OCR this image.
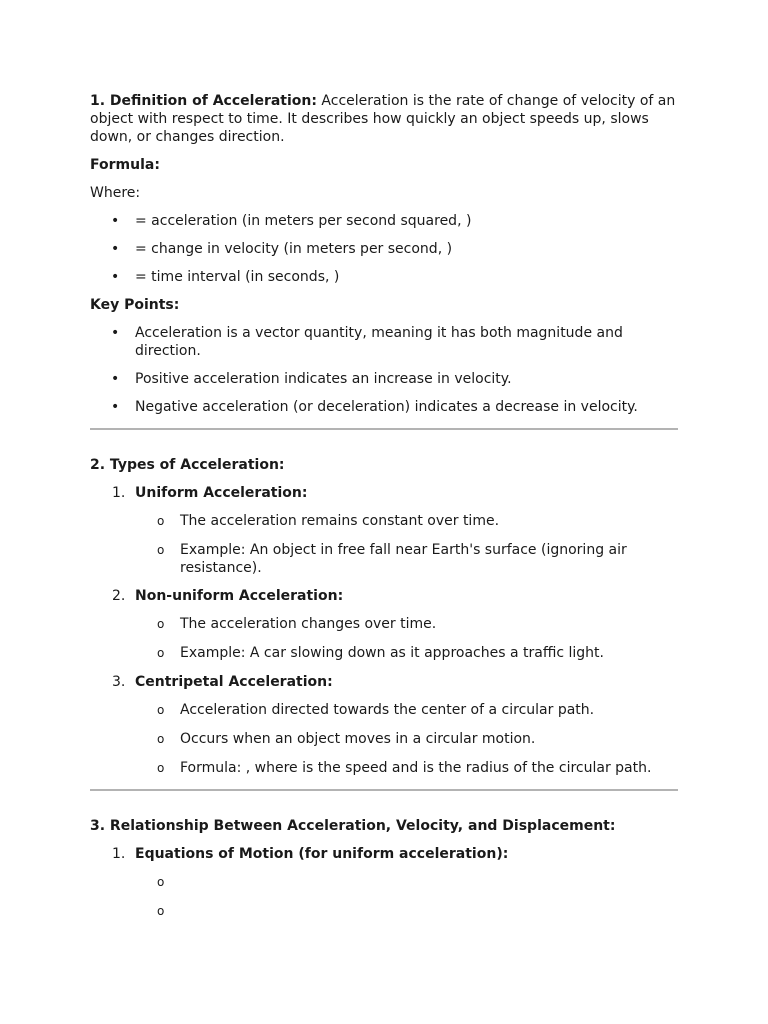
1. Definition of Acceleration: Acceleration is the rate of change of velocity of an object with respect to time. It describes how quickly an object speeds up, slows down, or changes direction.

Formula:

Where:

• = acceleration (in meters per second squared, )
• = change in velocity (in meters per second, )
• = time interval (in seconds, )

Key Points:

• Acceleration is a vector quantity, meaning it has both magnitude and direction.
• Positive acceleration indicates an increase in velocity.
• Negative acceleration (or deceleration) indicates a decrease in velocity.

2. Types of Acceleration:

1. Uniform Acceleration:
o The acceleration remains constant over time.
o Example: An object in free fall near Earth's surface (ignoring air resistance).
2. Non-uniform Acceleration:
o The acceleration changes over time.
o Example: A car slowing down as it approaches a traffic light.
3. Centripetal Acceleration:
o Acceleration directed towards the center of a circular path.
o Occurs when an object moves in a circular motion.
o Formula: , where is the speed and is the radius of the circular path.

3. Relationship Between Acceleration, Velocity, and Displacement:

1. Equations of Motion (for uniform acceleration):
o
o
